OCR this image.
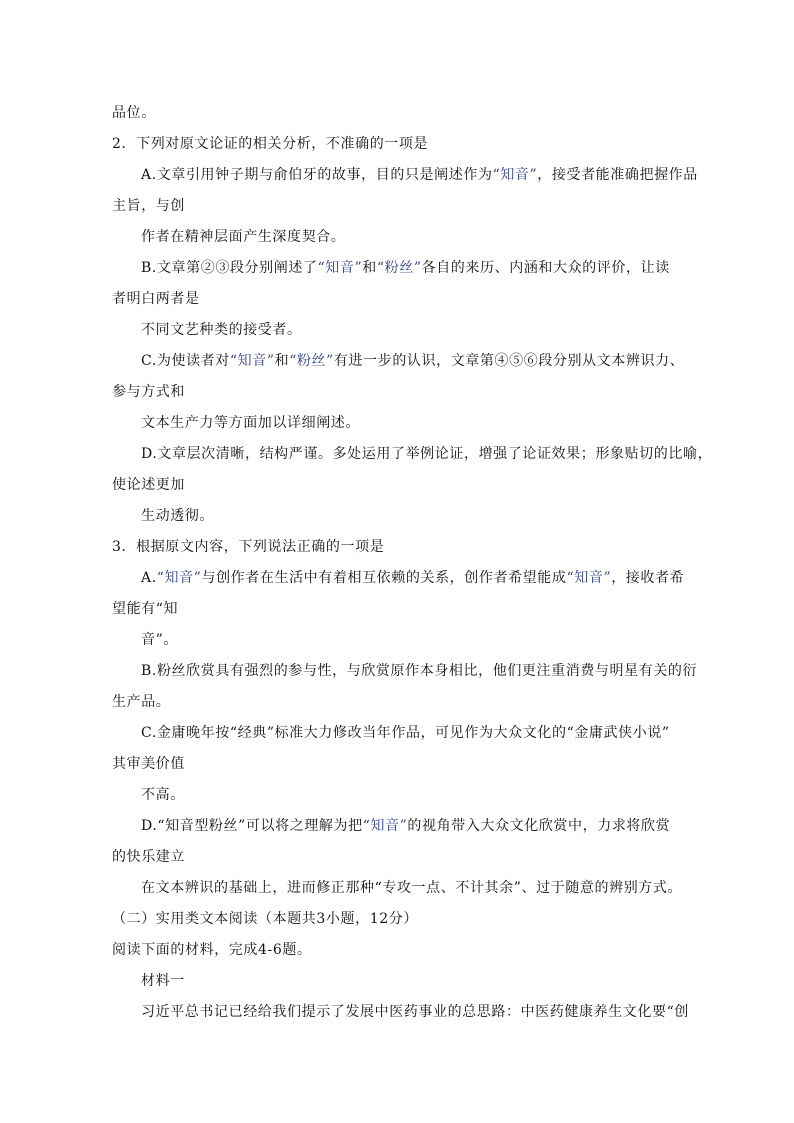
品位。
2．下列对原文论证的相关分析，不准确的一项是
A.文章引用钟子期与俞伯牙的故事，目的只是阐述作为“知音”，接受者能准确把握作品
主旨，与创
作者在精神层面产生深度契合。
B.文章第②③段分别阐述了“知音”和“粉丝”各自的来历、内涵和大众的评价，让读
者明白两者是
不同文艺种类的接受者。
C.为使读者对“知音”和“粉丝”有进一步的认识，文章第④⑤⑥段分别从文本辨识力、
参与方式和
文本生产力等方面加以详细阐述。
D.文章层次清晰，结构严谨。多处运用了举例论证，增强了论证效果；形象贴切的比喻，
使论述更加
生动透彻。
3．根据原文内容，下列说法正确的一项是
A.“知音”与创作者在生活中有着相互依赖的关系，创作者希望能成“知音”，接收者希
望能有“知
音”。
B.粉丝欣赏具有强烈的参与性，与欣赏原作本身相比，他们更注重消费与明星有关的衍
生产品。
C.金庸晚年按“经典”标准大力修改当年作品，可见作为大众文化的“金庸武侠小说”
其审美价值
不高。
D.“知音型粉丝”可以将之理解为把“知音”的视角带入大众文化欣赏中，力求将欣赏
的快乐建立
在文本辨识的基础上，进而修正那种“专攻一点、不计其余”、过于随意的辨别方式。
（二）实用类文本阅读（本题共3小题，12分）
阅读下面的材料，完成4-6题。
材料一
习近平总书记已经给我们提示了发展中医药事业的总思路：中医药健康养生文化要“创
